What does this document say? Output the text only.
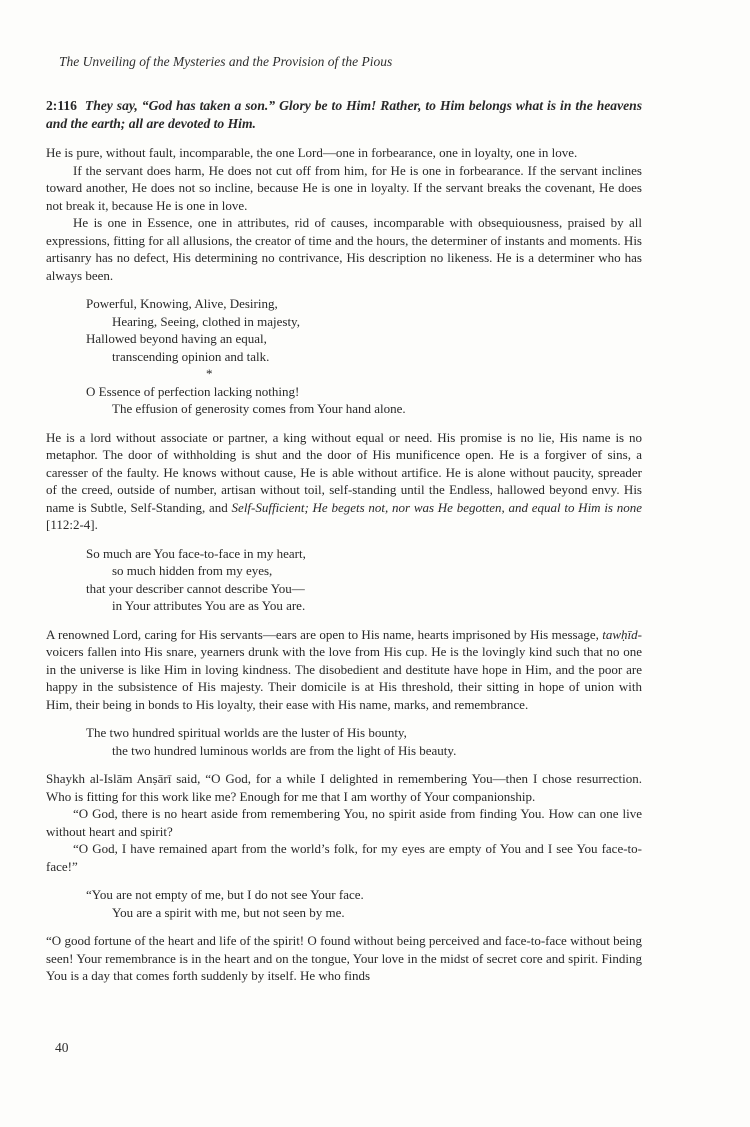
The Unveiling of the Mysteries and the Provision of the Pious

2:116 They say, “God has taken a son.” Glory be to Him! Rather, to Him belongs what is in the heavens and the earth; all are devoted to Him.

He is pure, without fault, incomparable, the one Lord—one in forbearance, one in loyalty, one in love.

If the servant does harm, He does not cut off from him, for He is one in forbearance. If the servant inclines toward another, He does not so incline, because He is one in loyalty. If the servant breaks the covenant, He does not break it, because He is one in love.

He is one in Essence, one in attributes, rid of causes, incomparable with obsequiousness, praised by all expressions, fitting for all allusions, the creator of time and the hours, the determiner of instants and moments. His artisanry has no defect, His determining no contrivance, His description no likeness. He is a determiner who has always been.

Powerful, Knowing, Alive, Desiring,
Hearing, Seeing, clothed in majesty,
Hallowed beyond having an equal,
transcending opinion and talk.
*
O Essence of perfection lacking nothing!
The effusion of generosity comes from Your hand alone.

He is a lord without associate or partner, a king without equal or need. His promise is no lie, His name is no metaphor. The door of withholding is shut and the door of His munificence open. He is a forgiver of sins, a caresser of the faulty. He knows without cause, He is able without artifice. He is alone without paucity, spreader of the creed, outside of number, artisan without toil, self-standing until the Endless, hallowed beyond envy. His name is Subtle, Self-Standing, and Self-Sufficient; He begets not, nor was He begotten, and equal to Him is none [112:2-4].

So much are You face-to-face in my heart,
so much hidden from my eyes,
that your describer cannot describe You—
in Your attributes You are as You are.

A renowned Lord, caring for His servants—ears are open to His name, hearts imprisoned by His message, tawḥīd-voicers fallen into His snare, yearners drunk with the love from His cup. He is the lovingly kind such that no one in the universe is like Him in loving kindness. The disobedient and destitute have hope in Him, and the poor are happy in the subsistence of His majesty. Their domicile is at His threshold, their sitting in hope of union with Him, their being in bonds to His loyalty, their ease with His name, marks, and remembrance.

The two hundred spiritual worlds are the luster of His bounty,
the two hundred luminous worlds are from the light of His beauty.

Shaykh al-Islām Anṣārī said, “O God, for a while I delighted in remembering You—then I chose resurrection. Who is fitting for this work like me? Enough for me that I am worthy of Your companionship.

“O God, there is no heart aside from remembering You, no spirit aside from finding You. How can one live without heart and spirit?

“O God, I have remained apart from the world’s folk, for my eyes are empty of You and I see You face-to-face!”

“You are not empty of me, but I do not see Your face.
You are a spirit with me, but not seen by me.

“O good fortune of the heart and life of the spirit! O found without being perceived and face-to-face without being seen! Your remembrance is in the heart and on the tongue, Your love in the midst of secret core and spirit. Finding You is a day that comes forth suddenly by itself. He who finds

40
